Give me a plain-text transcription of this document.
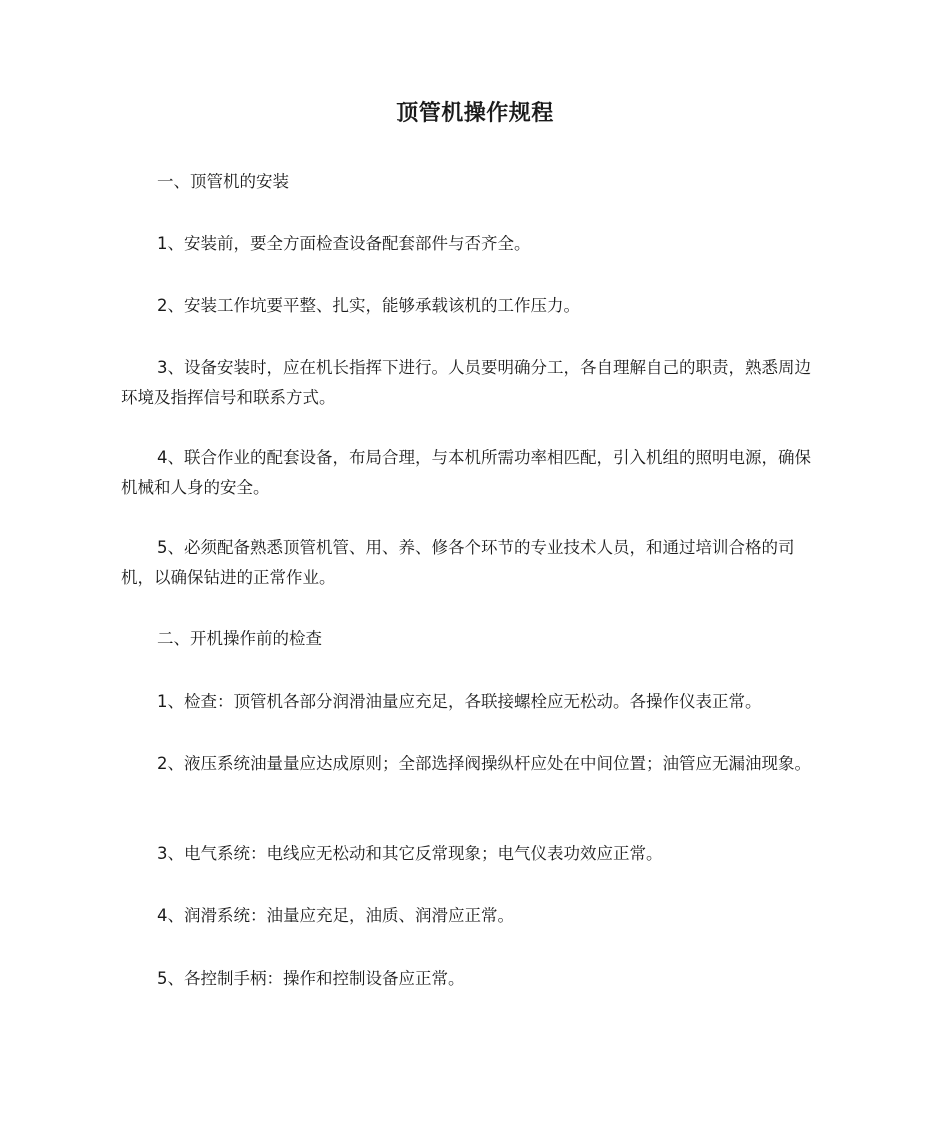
顶管机操作规程

一、顶管机的安装

1、安装前，要全方面检查设备配套部件与否齐全。

2、安装工作坑要平整、扎实，能够承载该机的工作压力。

3、设备安装时，应在机长指挥下进行。人员要明确分工，各自理解自己的职责，熟悉周边环境及指挥信号和联系方式。

4、联合作业的配套设备，布局合理，与本机所需功率相匹配，引入机组的照明电源，确保机械和人身的安全。

5、必须配备熟悉顶管机管、用、养、修各个环节的专业技术人员，和通过培训合格的司机，以确保钻进的正常作业。

二、开机操作前的检查

1、检查：顶管机各部分润滑油量应充足，各联接螺栓应无松动。各操作仪表正常。

2、液压系统油量量应达成原则；全部选择阀操纵杆应处在中间位置；油管应无漏油现象。

3、电气系统：电线应无松动和其它反常现象；电气仪表功效应正常。

4、润滑系统：油量应充足，油质、润滑应正常。

5、各控制手柄：操作和控制设备应正常。
